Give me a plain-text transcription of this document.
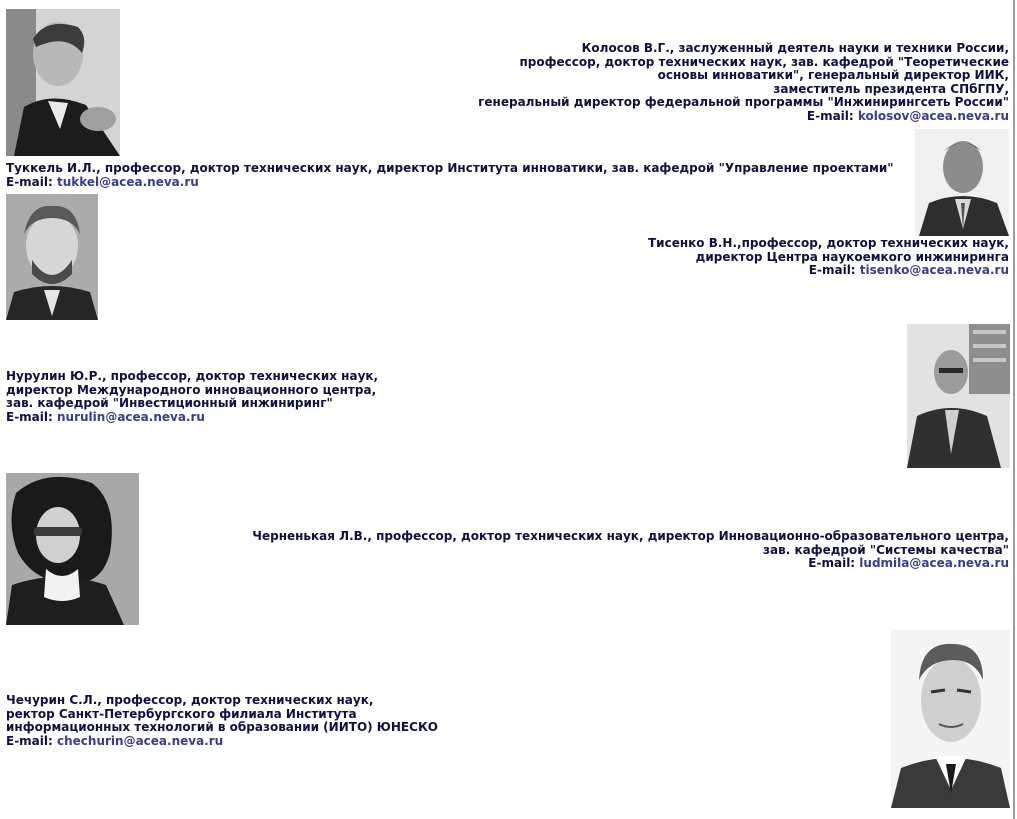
Колосов В.Г., заслуженный деятель науки и техники России,
профессор, доктор технических наук, зав. кафедрой "Теоретические
основы инноватики", генеральный директор ИИК,
заместитель президента СПбГПУ,
генеральный директор федеральной программы "Инжинирингсеть России"
E-mail: kolosov@acea.neva.ru
Туккель И.Л., профессор, доктор технических наук, директор Института инноватики, зав. кафедрой "Управление проектами"
E-mail: tukkel@acea.neva.ru
Тисенко В.Н.,профессор, доктор технических наук,
директор Центра наукоемкого инжиниринга
E-mail: tisenko@acea.neva.ru
Нурулин Ю.Р., профессор, доктор технических наук,
директор Международного инновационного центра,
зав. кафедрой "Инвестиционный инжиниринг"
E-mail: nurulin@acea.neva.ru
Черненькая Л.В., профессор, доктор технических наук, директор Инновационно-образовательного центра,
зав. кафедрой "Системы качества"
E-mail: ludmila@acea.neva.ru
Чечурин С.Л., профессор, доктор технических наук,
ректор Санкт-Петербургского филиала Института
информационных технологий в образовании (ИИТО) ЮНЕСКО
E-mail: chechurin@acea.neva.ru
